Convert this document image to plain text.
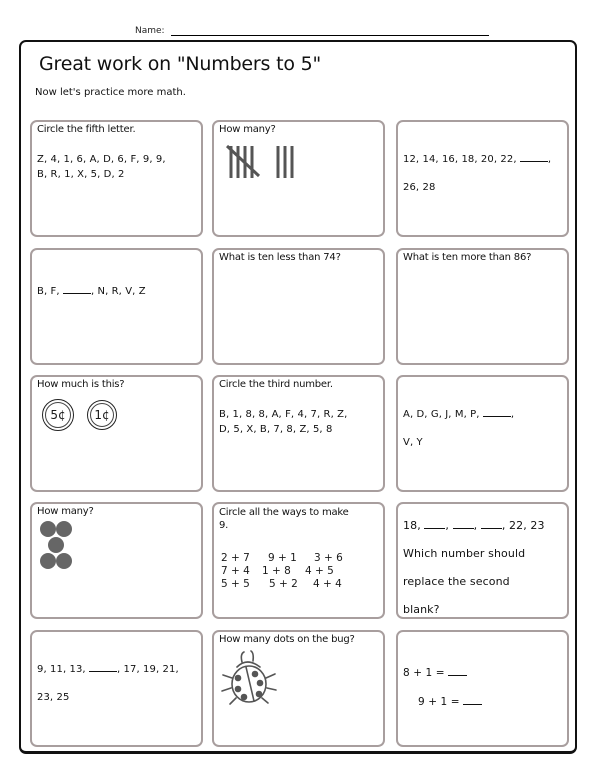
Name:
Great work on "Numbers to 5"
Now let's practice more math.
Circle the fifth letter.
Z, 4, 1, 6, A, D, 6, F, 9, 9,
B, R, 1, X, 5, D, 2
How many?
12, 14, 16, 18, 20, 22,	,
26, 28
B, F,	, N, R, V, Z
What is ten less than 74?	What is ten more than 86?
How much is this?
5¢ 1¢
Circle the third number.
B, 1, 8, 8, A, F, 4, 7, R, Z,
D, 5, X, B, 7, 8, Z, 5, 8
A, D, G, J, M, P,	,
V, Y
How many?	Circle all the ways to make
9.
2 + 7	9 + 1	3 + 6
7 + 4	1 + 8	4 + 5
5 + 5	5 + 2	4 + 4
18, , , , 22, 23
Which number should
replace the second
blank?
9, 11, 13,	, 17, 19, 21,
23, 25
How many dots on the bug?
8 + 1 =
9 + 1 =
